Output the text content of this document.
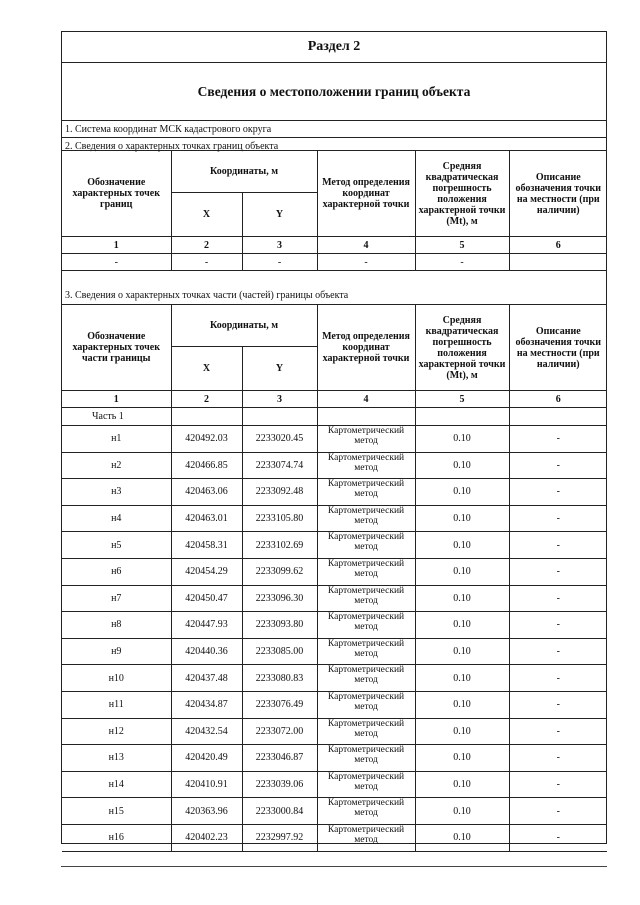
Раздел 2
Сведения о местоположении границ объекта
1. Система координат МСК кадастрового округа
2. Сведения о характерных точках границ объекта
Обозначение характерных точек границ	Координаты, м		Метод определения координат характерной точки	Средняя квадратическая погрешность положения характерной точки (Mt), м	Описание обозначения точки на местности (при наличии)
	X	Y			
1	2	3	4	5	6
-	-	-	-	-	
3. Сведения о характерных точках части (частей) границы объекта
Обозначение характерных точек части границы	Координаты, м		Метод определения координат характерной точки	Средняя квадратическая погрешность положения характерной точки (Mt), м	Описание обозначения точки на местности (при наличии)
	X	Y			
1	2	3	4	5	6
Часть 1					
н1	420492.03	2233020.45	Картометрический метод	0.10	-
н2	420466.85	2233074.74	Картометрический метод	0.10	-
н3	420463.06	2233092.48	Картометрический метод	0.10	-
н4	420463.01	2233105.80	Картометрический метод	0.10	-
н5	420458.31	2233102.69	Картометрический метод	0.10	-
н6	420454.29	2233099.62	Картометрический метод	0.10	-
н7	420450.47	2233096.30	Картометрический метод	0.10	-
н8	420447.93	2233093.80	Картометрический метод	0.10	-
н9	420440.36	2233085.00	Картометрический метод	0.10	-
н10	420437.48	2233080.83	Картометрический метод	0.10	-
н11	420434.87	2233076.49	Картометрический метод	0.10	-
н12	420432.54	2233072.00	Картометрический метод	0.10	-
н13	420420.49	2233046.87	Картометрический метод	0.10	-
н14	420410.91	2233039.06	Картометрический метод	0.10	-
н15	420363.96	2233000.84	Картометрический метод	0.10	-
н16	420402.23	2232997.92	Картометрический метод	0.10	-
